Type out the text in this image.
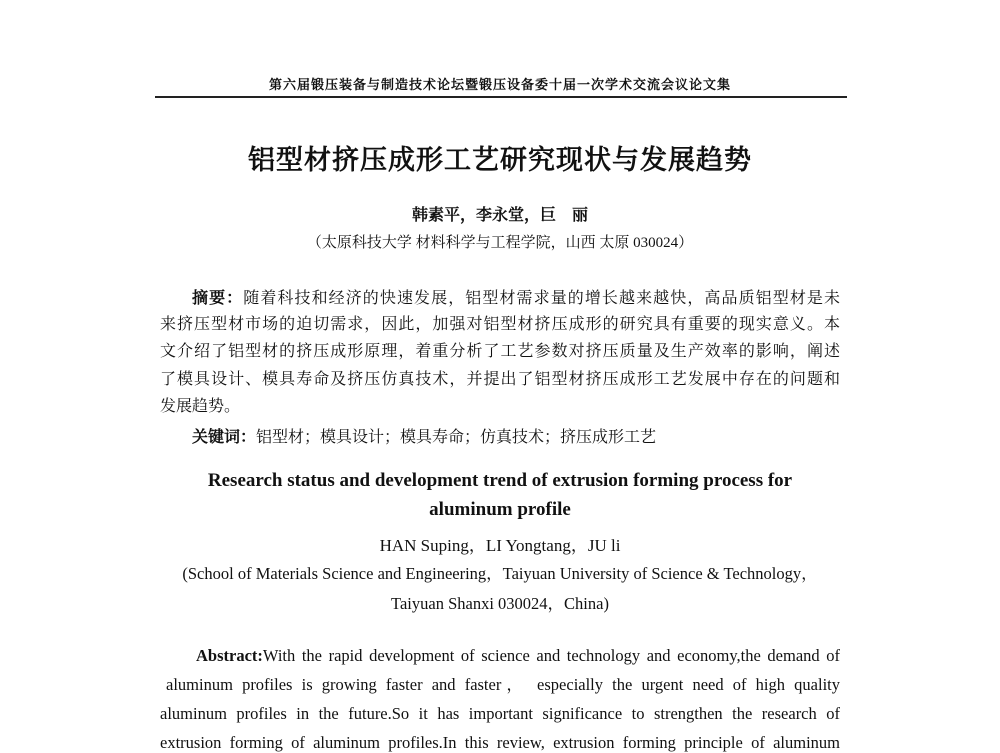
第六届锻压装备与制造技术论坛暨锻压设备委十届一次学术交流会议论文集
铝型材挤压成形工艺研究现状与发展趋势
韩素平，李永堂，巨　丽
（太原科技大学 材料科学与工程学院，山西 太原 030024）
摘要：随着科技和经济的快速发展，铝型材需求量的增长越来越快，高品质铝型材是未
来挤压型材市场的迫切需求，因此，加强对铝型材挤压成形的研究具有重要的现实意义。本
文介绍了铝型材的挤压成形原理，着重分析了工艺参数对挤压质量及生产效率的影响，阐述
了模具设计、模具寿命及挤压仿真技术，并提出了铝型材挤压成形工艺发展中存在的问题和
发展趋势。
关键词：铝型材；模具设计；模具寿命；仿真技术；挤压成形工艺
Research status and development trend of extrusion forming process for
aluminum profile
HAN Suping，LI Yongtang，JU li
(School of Materials Science and Engineering，Taiyuan University of Science & Technology，
Taiyuan Shanxi 030024，China)
Abstract:With the rapid development of science and technology and economy,the demand of
aluminum profiles is growing faster and faster， especially the urgent need of high quality
aluminum profiles in the future.So it has important significance to strengthen the research of
extrusion forming of aluminum profiles.In this review, extrusion forming principle of aluminum
